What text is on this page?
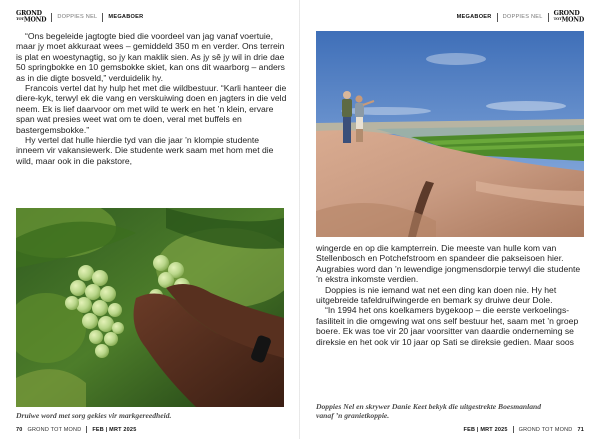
GROND
TOTMOND DOPPIES NEL MEGABOER

“Ons begeleide jagtogte bied die voordeel van jag vanaf voertuie, maar jy moet akkuraat wees – gemiddeld 350 m en verder. Ons terrein is plat en woestynagtig, so jy kan maklik sien. As jy sê jy wil in drie dae 50 springbokke en 10 gemsbokke skiet, kan ons dit waarborg – anders as in die digte bosveld,” verduidelik hy.

Francois vertel dat hy hulp het met die wildbestuur. “Karli hanteer die diere-kyk, terwyl ek die vang en verskuiwing doen en jagters in die veld neem. Ek is lief daarvoor om met wild te werk en het ’n klein, ervare span wat presies weet wat om te doen, veral met buffels en bastergemsbokke.”

Hy vertel dat hulle hierdie tyd van die jaar ’n klompie studente inneem vir vakansiewerk. Die studente werk saam met hom met die wild, maar ook in die pakstore,

Druiwe word met sorg gekies vir markgereedheid.
70 GROND TOT MOND FEB | MRT 2025
MEGABOER DOPPIES NEL GROND
TOTMOND

wingerde en op die kampterrein. Die meeste van hulle kom van Stellenbosch en Potchefstroom en spandeer die pakseisoen hier. Augrabies word dan ’n lewendige jongmensdorpie terwyl die studente ’n ekstra inkomste verdien.

Doppies is nie iemand wat net een ding kan doen nie. Hy het uitgebreide tafeldruifwingerde en bemark sy druiwe deur Dole.

“In 1994 het ons koelkamers bygekoop – die eerste verkoelings-fasiliteit in die omgewing wat ons self bestuur het, saam met ’n groep boere. Ek was toe vir 20 jaar voorsitter van daardie onderneming se direksie en het ook vir 10 jaar op Sati se direksie gedien. Maar soos

Doppies Nel en skrywer Danie Keet bekyk die uitgestrekte Boesmanland vanaf ’n granietkoppie.
FEB | MRT 2025 GROND TOT MOND 71
